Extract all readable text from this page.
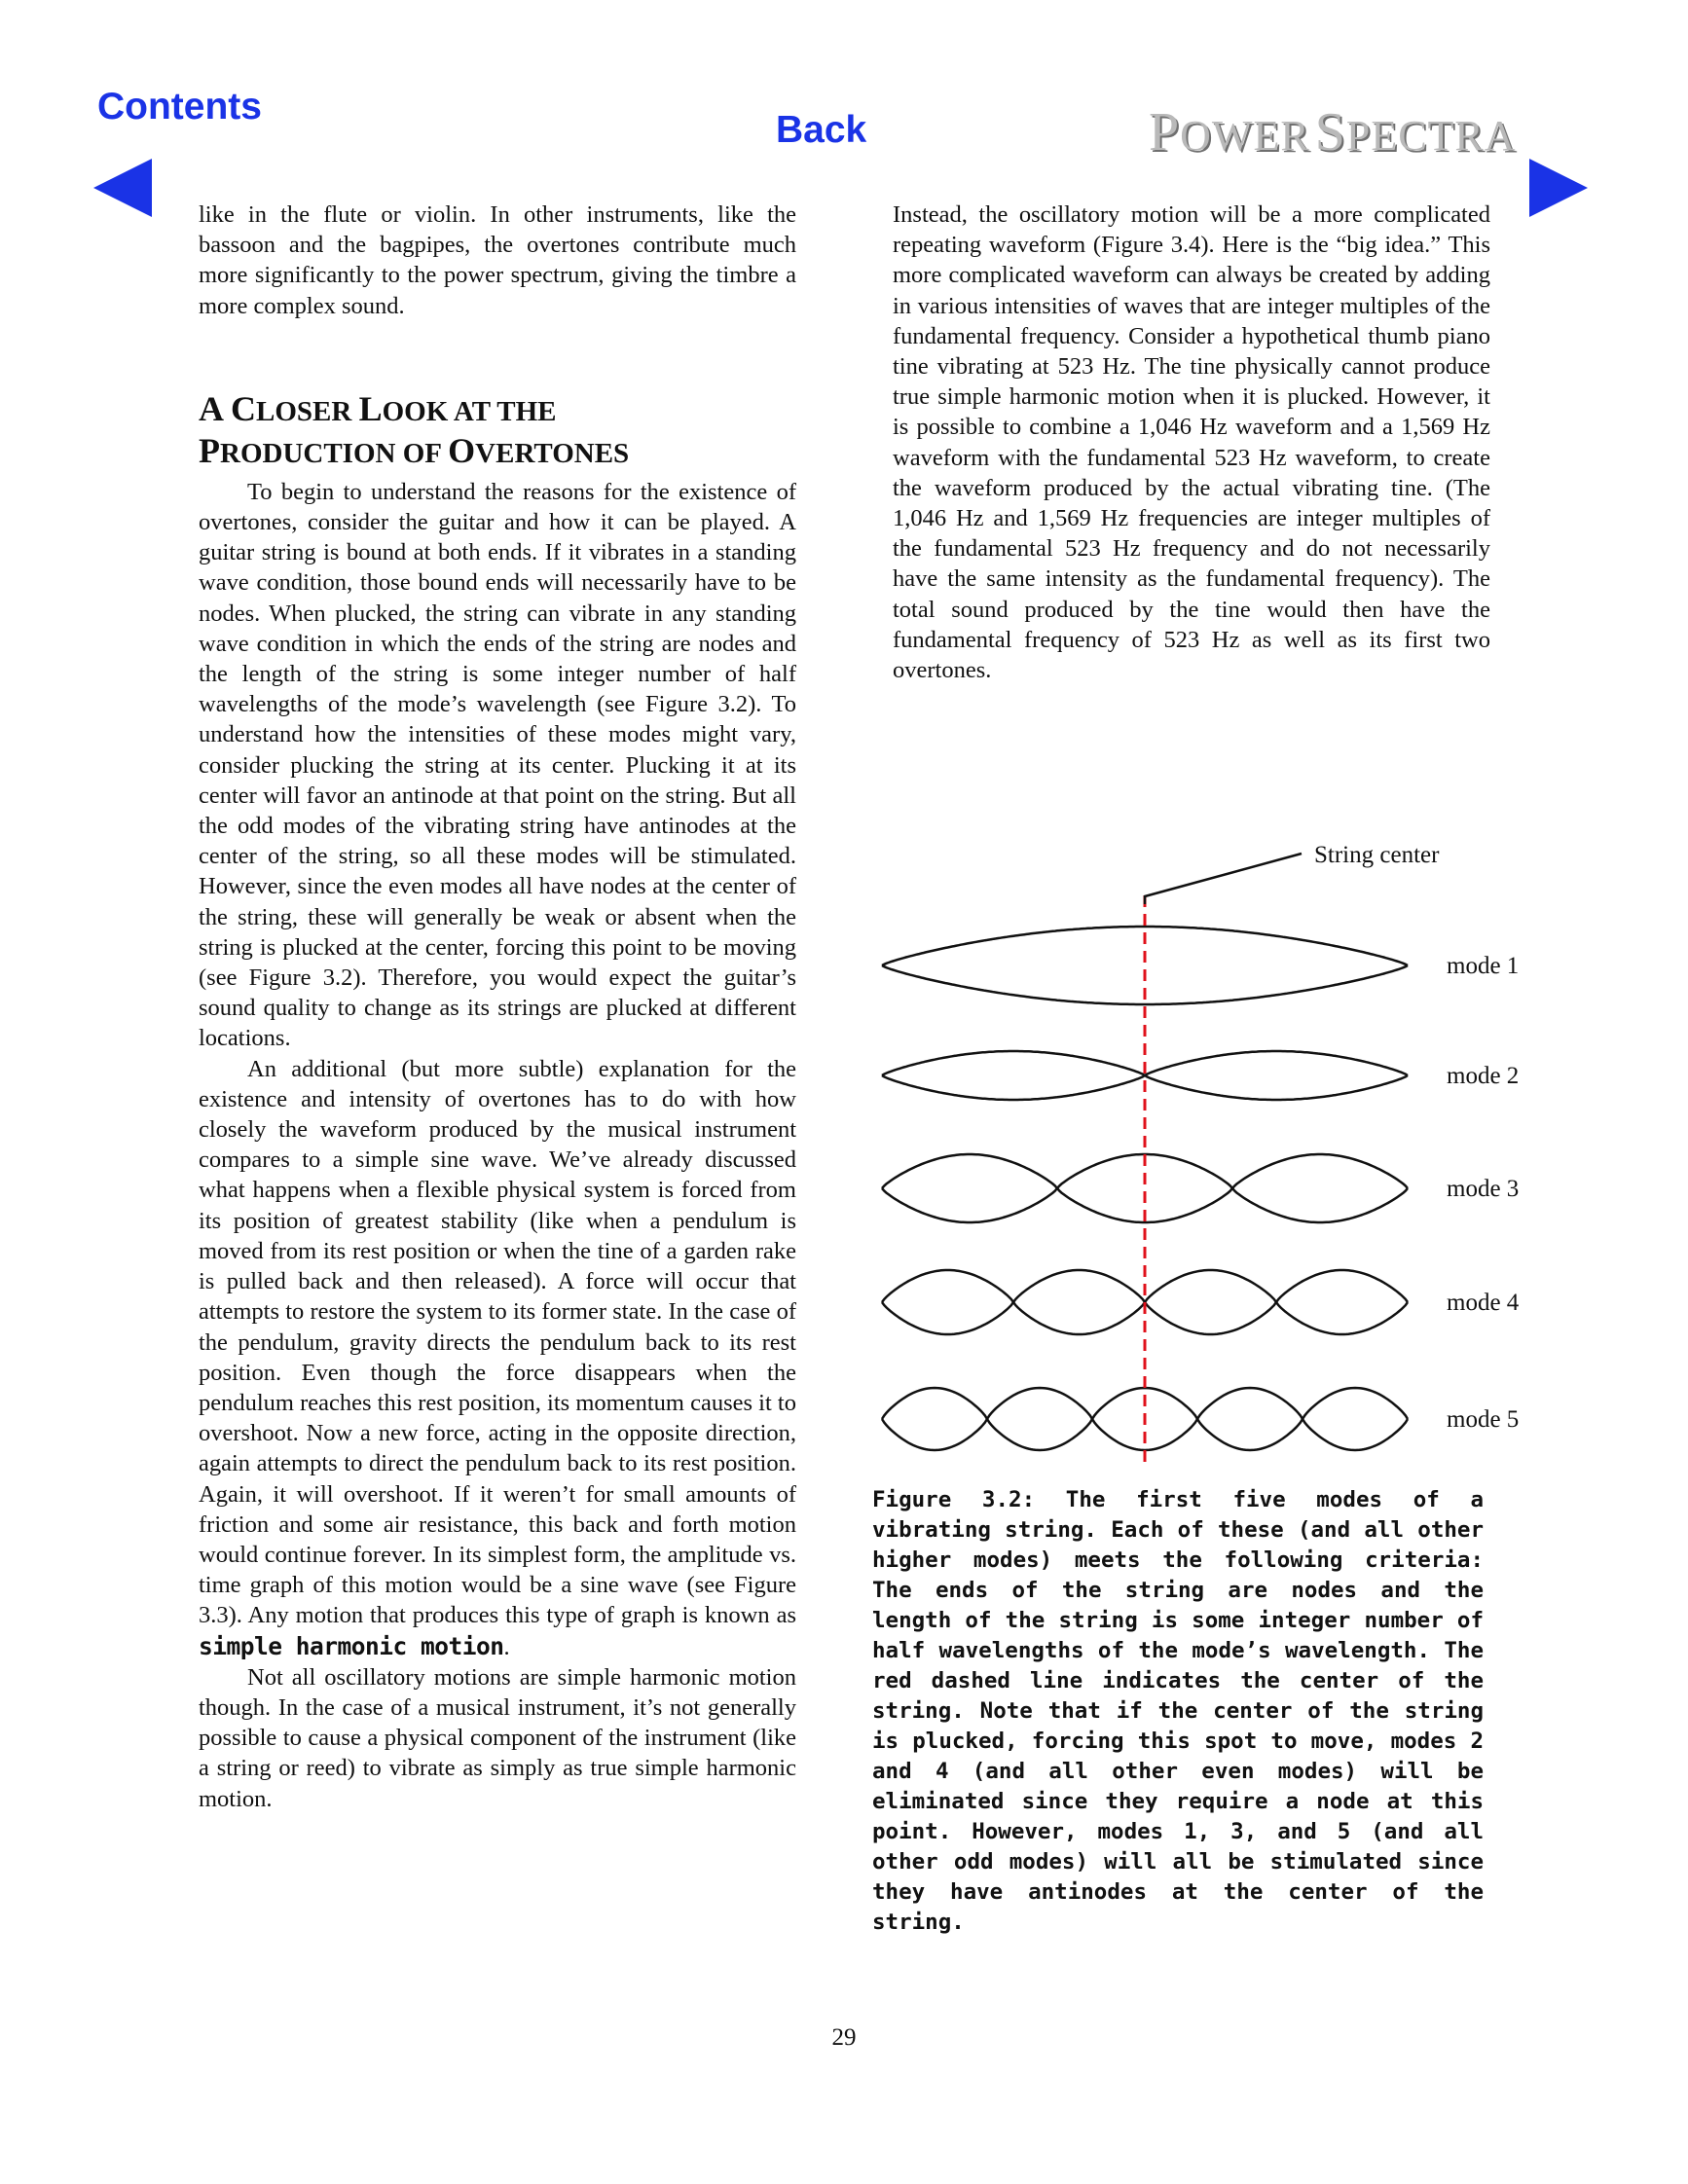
Contents
Back	POWER SPECTRA

like in the flute or violin. In other instruments, like the bassoon and the bagpipes, the overtones contribute much more significantly to the power spectrum, giving the timbre a more complex sound.

A CLOSER LOOK AT THE
PRODUCTION OF OVERTONES

To begin to understand the reasons for the existence of overtones, consider the guitar and how it can be played. A guitar string is bound at both ends. If it vibrates in a standing wave condition, those bound ends will necessarily have to be nodes. When plucked, the string can vibrate in any standing wave condition in which the ends of the string are nodes and the length of the string is some integer number of half wavelengths of the mode’s wavelength (see Figure 3.2). To understand how the intensities of these modes might vary, consider plucking the string at its center. Plucking it at its center will favor an antinode at that point on the string. But all the odd modes of the vibrating string have antinodes at the center of the string, so all these modes will be stimulated. However, since the even modes all have nodes at the center of the string, these will generally be weak or absent when the string is plucked at the center, forcing this point to be moving (see Figure 3.2). Therefore, you would expect the guitar’s sound quality to change as its strings are plucked at different locations.

An additional (but more subtle) explanation for the existence and intensity of overtones has to do with how closely the waveform produced by the musical instrument compares to a simple sine wave. We’ve already discussed what happens when a flexible physical system is forced from its position of greatest stability (like when a pendulum is moved from its rest position or when the tine of a garden rake is pulled back and then released). A force will occur that attempts to restore the system to its former state. In the case of the pendulum, gravity directs the pendulum back to its rest position. Even though the force disappears when the pendulum reaches this rest position, its momentum causes it to overshoot. Now a new force, acting in the opposite direction, again attempts to direct the pendulum back to its rest position. Again, it will overshoot. If it weren’t for small amounts of friction and some air resistance, this back and forth motion would continue forever. In its simplest form, the amplitude vs. time graph of this motion would be a sine wave (see Figure 3.3). Any motion that produces this type of graph is known as simple harmonic motion.

Not all oscillatory motions are simple harmonic motion though. In the case of a musical instrument, it’s not generally possible to cause a physical component of the instrument (like a string or reed) to vibrate as simply as true simple harmonic motion.

Instead, the oscillatory motion will be a more complicated repeating waveform (Figure 3.4). Here is the “big idea.” This more complicated waveform can always be created by adding in various intensities of waves that are integer multiples of the fundamental frequency. Consider a hypothetical thumb piano tine vibrating at 523 Hz. The tine physically cannot produce true simple harmonic motion when it is plucked. However, it is possible to combine a 1,046 Hz waveform and a 1,569 Hz waveform with the fundamental 523 Hz waveform, to create the waveform produced by the actual vibrating tine. (The 1,046 Hz and 1,569 Hz frequencies are integer multiples of the fundamental 523 Hz frequency and do not necessarily have the same intensity as the fundamental frequency). The total sound produced by the tine would then have the fundamental frequency of 523 Hz as well as its first two overtones.

String center
mode 1
mode 2
mode 3
mode 4
mode 5

Figure 3.2: The first five modes of a vibrating string. Each of these (and all other higher modes) meets the following criteria: The ends of the string are nodes and the length of the string is some integer number of half wavelengths of the mode’s wavelength. The red dashed line indicates the center of the string. Note that if the center of the string is plucked, forcing this spot to move, modes 2 and 4 (and all other even modes) will be eliminated since they require a node at this point. However, modes 1, 3, and 5 (and all other odd modes) will all be stimulated since they have antinodes at the center of the string.

29
